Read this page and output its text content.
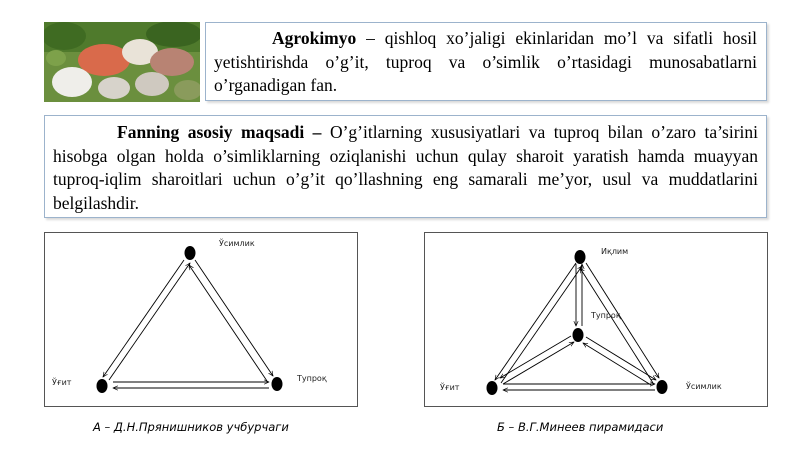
Agrokimyo – qishloq xo’jaligi ekinlaridan mo’l va sifatli hosil yetishtirishda o’g’it, tuproq va o’simlik o’rtasidagi munosabatlarni o’rganadigan fan.
Fanning asosiy maqsadi – O’g’itlarning xususiyatlari va tuproq bilan o’zaro ta’sirini hisobga olgan holda o’simliklarning oziqlanishi uchun qulay sharoit yaratish hamda muayyan tuproq-iqlim sharoitlari uchun o’g’it qo’llashning eng samarali me’yor, usul va muddatlarini belgilashdir.
Ўсимлик
Ўғит	Тупроқ
Иқлим
Тупроқ
Ўғит	Ўсимлик
А – Д.Н.Прянишников учбурчаги	Б – В.Г.Минеев пирамидаси
